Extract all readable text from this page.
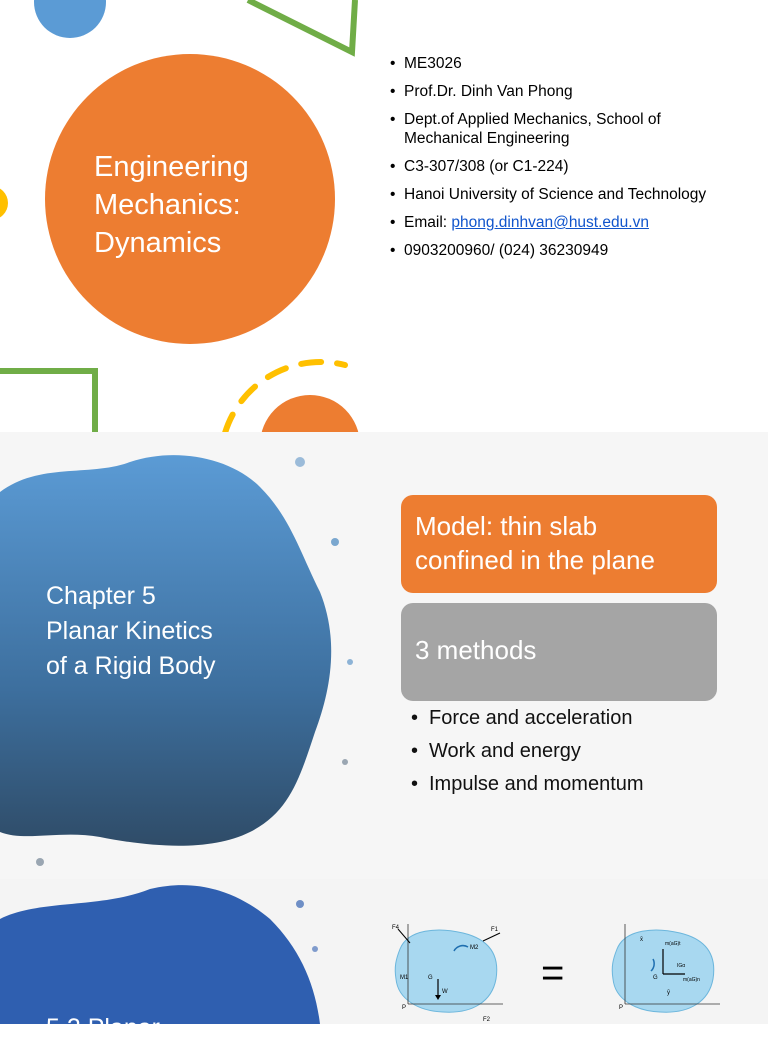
Engineering
Mechanics:
Dynamics
• ME3026
• Prof.Dr. Dinh Van Phong
• Dept.of Applied Mechanics, School of Mechanical Engineering
• C3-307/308 (or C1-224)
• Hanoi University of Science and Technology
• Email: phong.dinhvan@hust.edu.vn
• 0903200960/ (024) 36230949
Chapter 5
Planar Kinetics
of a Rigid Body
Model: thin slab
confined in the plane
3 methods
• Force and acceleration
• Work and energy
• Impulse and momentum
5.2 Planar
F4	F1
M2
M1	G
W
P
F2
=
m(aG)t
m(aG)n
IGα
G
P
x̄
ȳ
